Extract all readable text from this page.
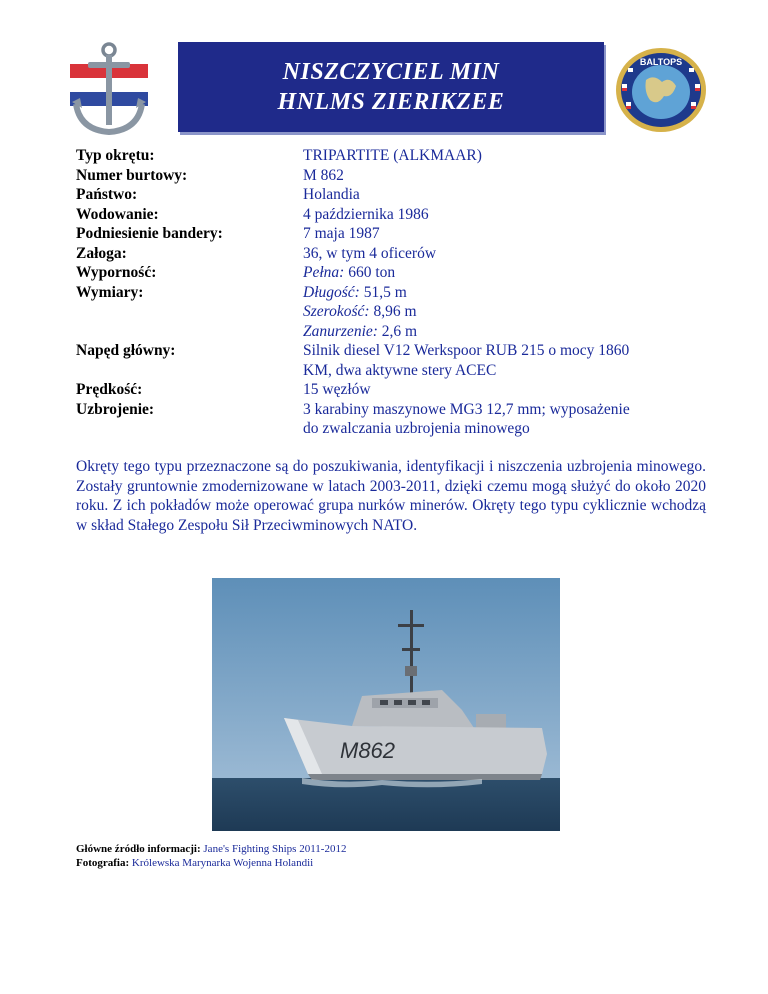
NISZCZYCIEL MIN
HNLMS ZIERIKZEE
BALTOPS
Typ okrętu:	TRIPARTITE (ALKMAAR)
Numer burtowy:	M 862
Państwo:	Holandia
Wodowanie:	4 października 1986
Podniesienie bandery:	7 maja 1987
Załoga:	36, w tym 4 oficerów
Wyporność:	Pełna: 660 ton
Wymiary:	Długość: 51,5 m
Szerokość: 8,96 m
Zanurzenie: 2,6 m
Napęd główny:	Silnik diesel V12 Werkspoor RUB 215 o mocy 1860
KM, dwa aktywne stery ACEC
Prędkość:	15 węzłów
Uzbrojenie:	3 karabiny maszynowe MG3 12,7 mm; wyposażenie
do zwalczania uzbrojenia minowego
Okręty tego typu przeznaczone są do poszukiwania, identyfikacji i niszczenia uzbrojenia minowego. Zostały gruntownie zmodernizowane w latach 2003-2011, dzięki czemu mogą służyć do około 2020 roku. Z ich pokładów może operować grupa nurków minerów. Okręty tego typu cyklicznie wchodzą w skład Stałego Zespołu Sił Przeciwminowych NATO.
M862
Główne źródło informacji: Jane's Fighting Ships 2011-2012
Fotografia: Królewska Marynarka Wojenna Holandii
